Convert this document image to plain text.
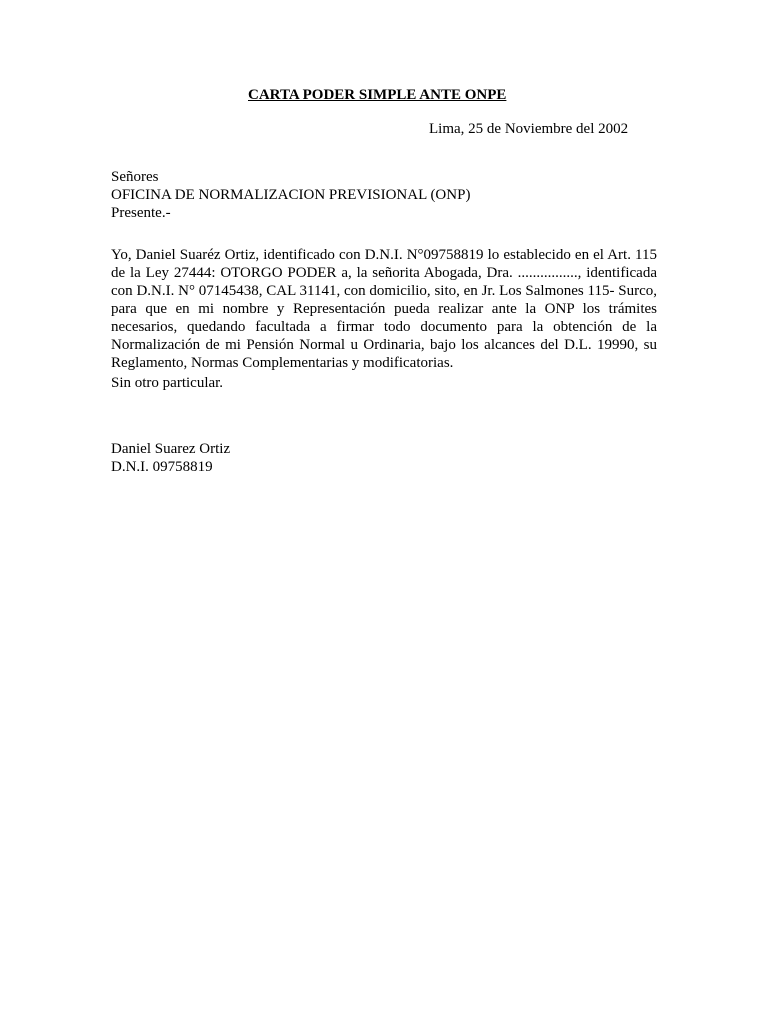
CARTA PODER SIMPLE ANTE ONPE
Lima, 25 de Noviembre del 2002
Señores
OFICINA DE NORMALIZACION PREVISIONAL (ONP)
Presente.-

Yo, Daniel Suaréz Ortiz, identificado con D.N.I. N°09758819 lo establecido en el Art. 115 de la Ley 27444: OTORGO PODER a, la señorita Abogada, Dra. ................, identificada con D.N.I. N° 07145438, CAL 31141, con domicilio, sito, en Jr. Los Salmones 115- Surco, para que en mi nombre y Representación pueda realizar ante la ONP los trámites necesarios, quedando facultada a firmar todo documento para la obtención de la Normalización de mi Pensión Normal u Ordinaria, bajo los alcances del D.L. 19990, su Reglamento, Normas Complementarias y modificatorias.

Sin otro particular.
Daniel Suarez Ortiz
D.N.I. 09758819
